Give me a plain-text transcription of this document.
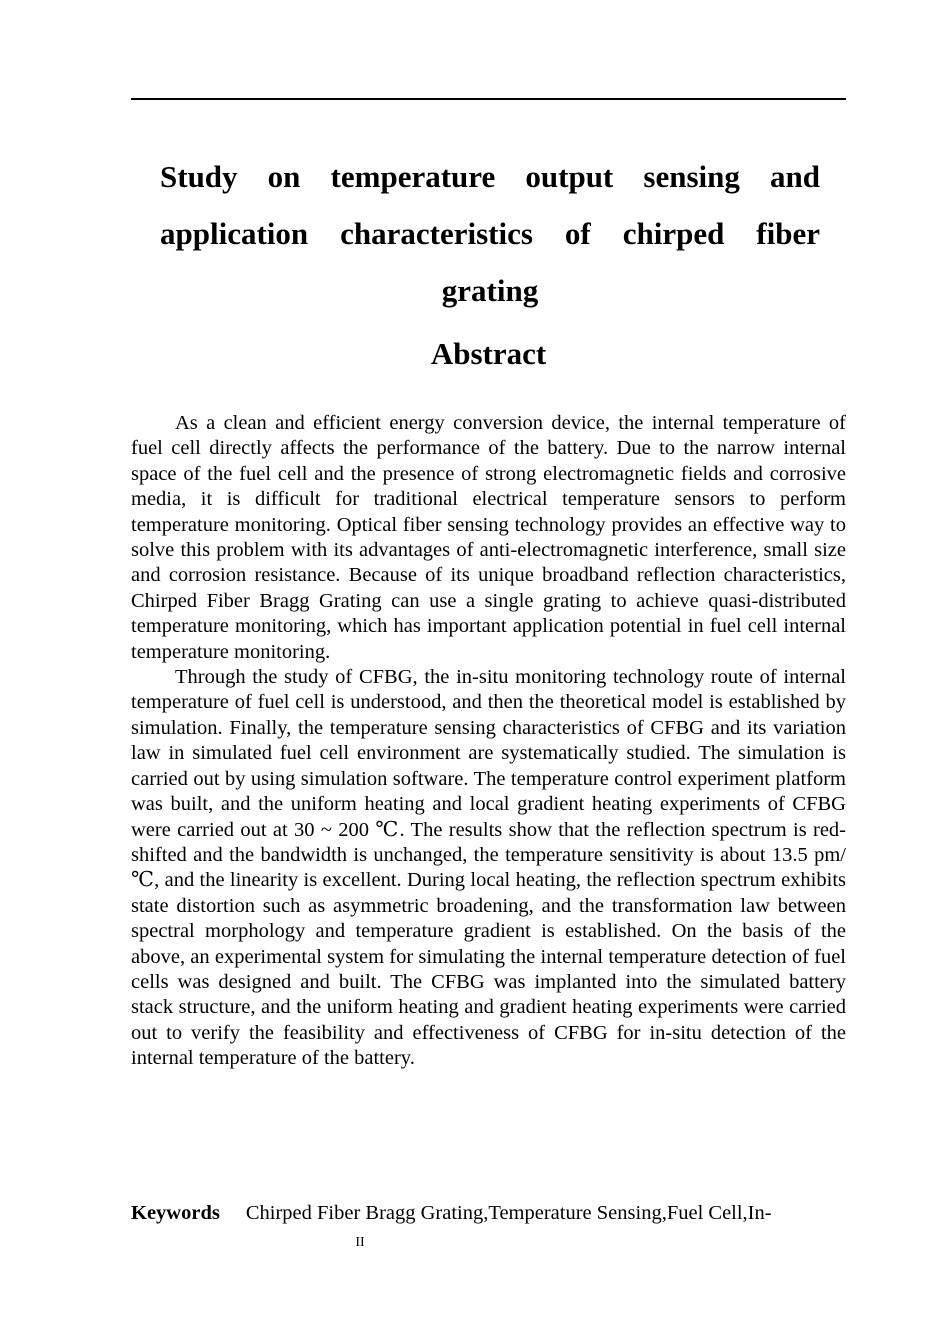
Study on temperature output sensing and application characteristics of chirped fiber grating
Abstract

As a clean and efficient energy conversion device, the internal temperature of fuel cell directly affects the performance of the battery. Due to the narrow internal space of the fuel cell and the presence of strong electromagnetic fields and corrosive media, it is difficult for traditional electrical temperature sensors to perform temperature monitoring. Optical fiber sensing technology provides an effective way to solve this problem with its advantages of anti-electromagnetic interference, small size and corrosion resistance. Because of its unique broadband reflection characteristics, Chirped Fiber Bragg Grating can use a single grating to achieve quasi-distributed temperature monitoring, which has important application potential in fuel cell internal temperature monitoring.

Through the study of CFBG, the in-situ monitoring technology route of internal temperature of fuel cell is understood, and then the theoretical model is established by simulation. Finally, the temperature sensing characteristics of CFBG and its variation law in simulated fuel cell environment are systematically studied. The simulation is carried out by using simulation software. The temperature control experiment platform was built, and the uniform heating and local gradient heating experiments of CFBG were carried out at 30 ~ 200 ℃. The results show that the reflection spectrum is red-shifted and the bandwidth is unchanged, the temperature sensitivity is about 13.5 pm/℃, and the linearity is excellent. During local heating, the reflection spectrum exhibits state distortion such as asymmetric broadening, and the transformation law between spectral morphology and temperature gradient is established. On the basis of the above, an experimental system for simulating the internal temperature detection of fuel cells was designed and built. The CFBG was implanted into the simulated battery stack structure, and the uniform heating and gradient heating experiments were carried out to verify the feasibility and effectiveness of CFBG for in-situ detection of the internal temperature of the battery.

Keywords Chirped Fiber Bragg Grating,Temperature Sensing,Fuel Cell,In-
II
